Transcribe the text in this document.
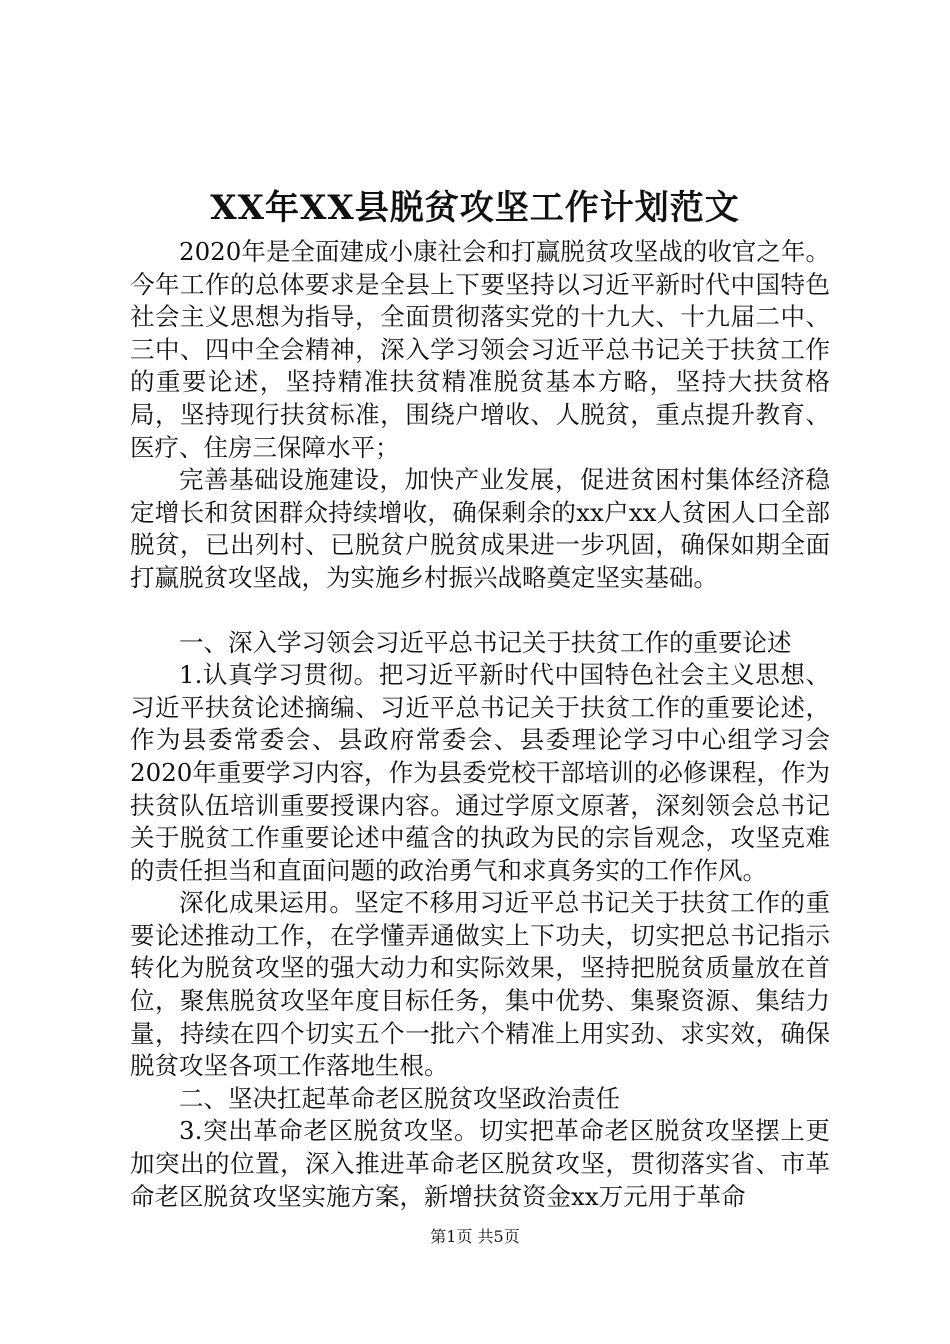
XX年XX县脱贫攻坚工作计划范文

2020年是全面建成小康社会和打赢脱贫攻坚战的收官之年。今年工作的总体要求是全县上下要坚持以习近平新时代中国特色社会主义思想为指导，全面贯彻落实党的十九大、十九届二中、三中、四中全会精神，深入学习领会习近平总书记关于扶贫工作的重要论述，坚持精准扶贫精准脱贫基本方略，坚持大扶贫格局，坚持现行扶贫标准，围绕户增收、人脱贫，重点提升教育、医疗、住房三保障水平；

完善基础设施建设，加快产业发展，促进贫困村集体经济稳定增长和贫困群众持续增收，确保剩余的xx户xx人贫困人口全部脱贫，已出列村、已脱贫户脱贫成果进一步巩固，确保如期全面打赢脱贫攻坚战，为实施乡村振兴战略奠定坚实基础。

一、深入学习领会习近平总书记关于扶贫工作的重要论述

1.认真学习贯彻。把习近平新时代中国特色社会主义思想、习近平扶贫论述摘编、习近平总书记关于扶贫工作的重要论述，作为县委常委会、县政府常委会、县委理论学习中心组学习会2020年重要学习内容，作为县委党校干部培训的必修课程，作为扶贫队伍培训重要授课内容。通过学原文原著，深刻领会总书记关于脱贫工作重要论述中蕴含的执政为民的宗旨观念，攻坚克难的责任担当和直面问题的政治勇气和求真务实的工作作风。

深化成果运用。坚定不移用习近平总书记关于扶贫工作的重要论述推动工作，在学懂弄通做实上下功夫，切实把总书记指示转化为脱贫攻坚的强大动力和实际效果，坚持把脱贫质量放在首位，聚焦脱贫攻坚年度目标任务，集中优势、集聚资源、集结力量，持续在四个切实五个一批六个精准上用实劲、求实效，确保脱贫攻坚各项工作落地生根。

二、坚决扛起革命老区脱贫攻坚政治责任

3.突出革命老区脱贫攻坚。切实把革命老区脱贫攻坚摆上更加突出的位置，深入推进革命老区脱贫攻坚，贯彻落实省、市革命老区脱贫攻坚实施方案，新增扶贫资金xx万元用于革命

第1页 共5页
